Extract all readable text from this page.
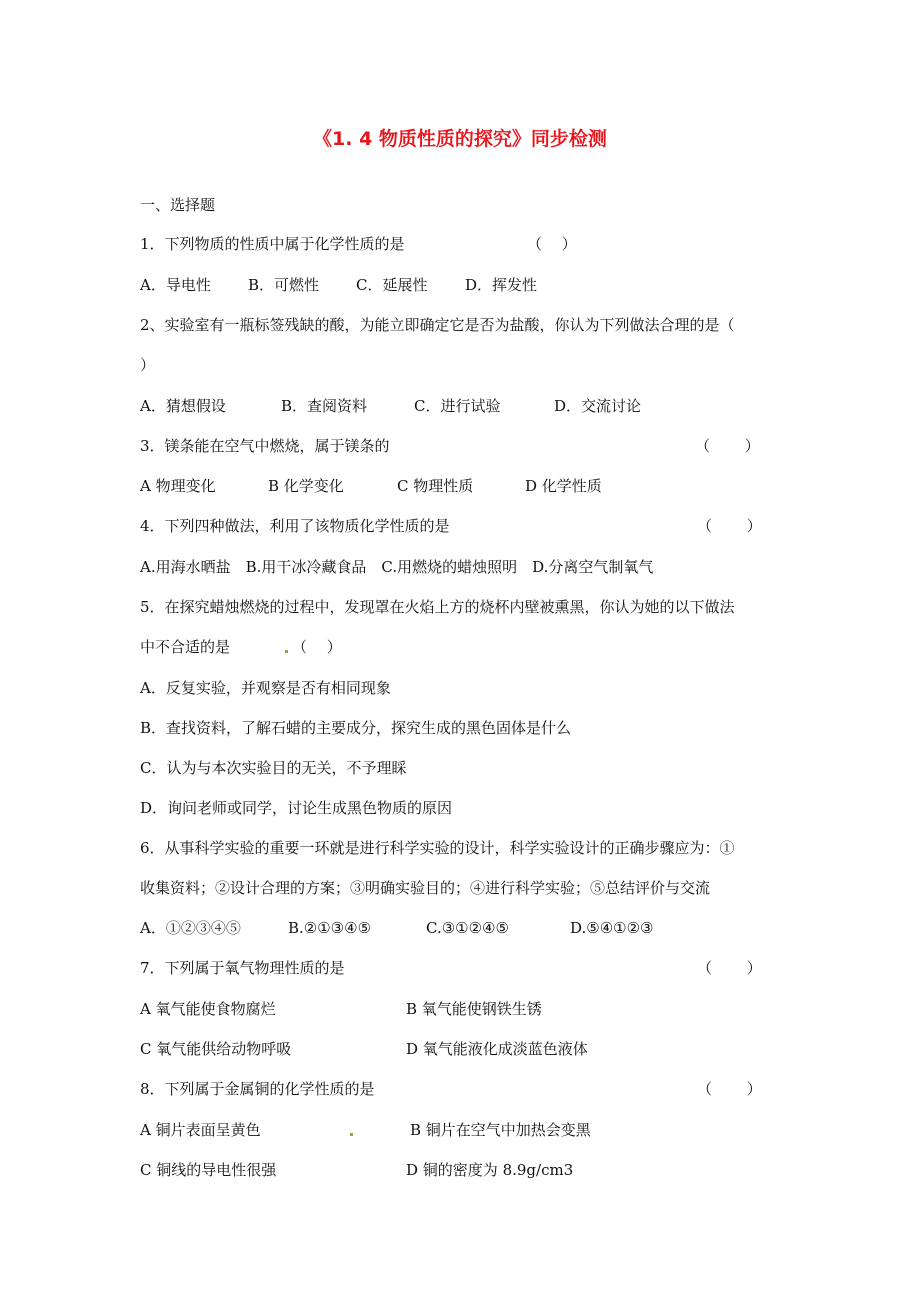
《1. 4 物质性质的探究》同步检测
一、选择题
1．下列物质的性质中属于化学性质的是	（　 ）
A．导电性 B．可燃性 C．延展性	D．挥发性
2、实验室有一瓶标签残缺的酸，为能立即确定它是否为盐酸，你认为下列做法合理的是（
）
A．猜想假设	B．查阅资料	C．进行试验	D．交流讨论
3．镁条能在空气中燃烧，属于镁条的	（　　 ）
A 物理变化	B 化学变化	C 物理性质	D 化学性质
4．下列四种做法，利用了该物质化学性质的是	（　　 ）
A.用海水晒盐　B.用干冰冷藏食品　C.用燃烧的蜡烛照明　D.分离空气制氧气
5．在探究蜡烛燃烧的过程中，发现罩在火焰上方的烧杯内壁被熏黑，你认为她的以下做法
中不合适的是	（　 ）
A．反复实验，并观察是否有相同现象
B．查找资料，了解石蜡的主要成分，探究生成的黑色固体是什么
C．认为与本次实验目的无关，不予理睬
D．询问老师或同学，讨论生成黑色物质的原因
6．从事科学实验的重要一环就是进行科学实验的设计，科学实验设计的正确步骤应为：①
收集资料；②设计合理的方案；③明确实验目的；④进行科学实验；⑤总结评价与交流
A．①②③④⑤	B.②①③④⑤	C.③①②④⑤	D.⑤④①②③
7．下列属于氧气物理性质的是	（　　 ）
A 氧气能使食物腐烂	B 氧气能使钢铁生锈
C 氧气能供给动物呼吸	D 氧气能液化成淡蓝色液体
8．下列属于金属铜的化学性质的是	（　　 ）
A 铜片表面呈黄色	B 铜片在空气中加热会变黑
C 铜线的导电性很强	D 铜的密度为 8.9g/cm3
